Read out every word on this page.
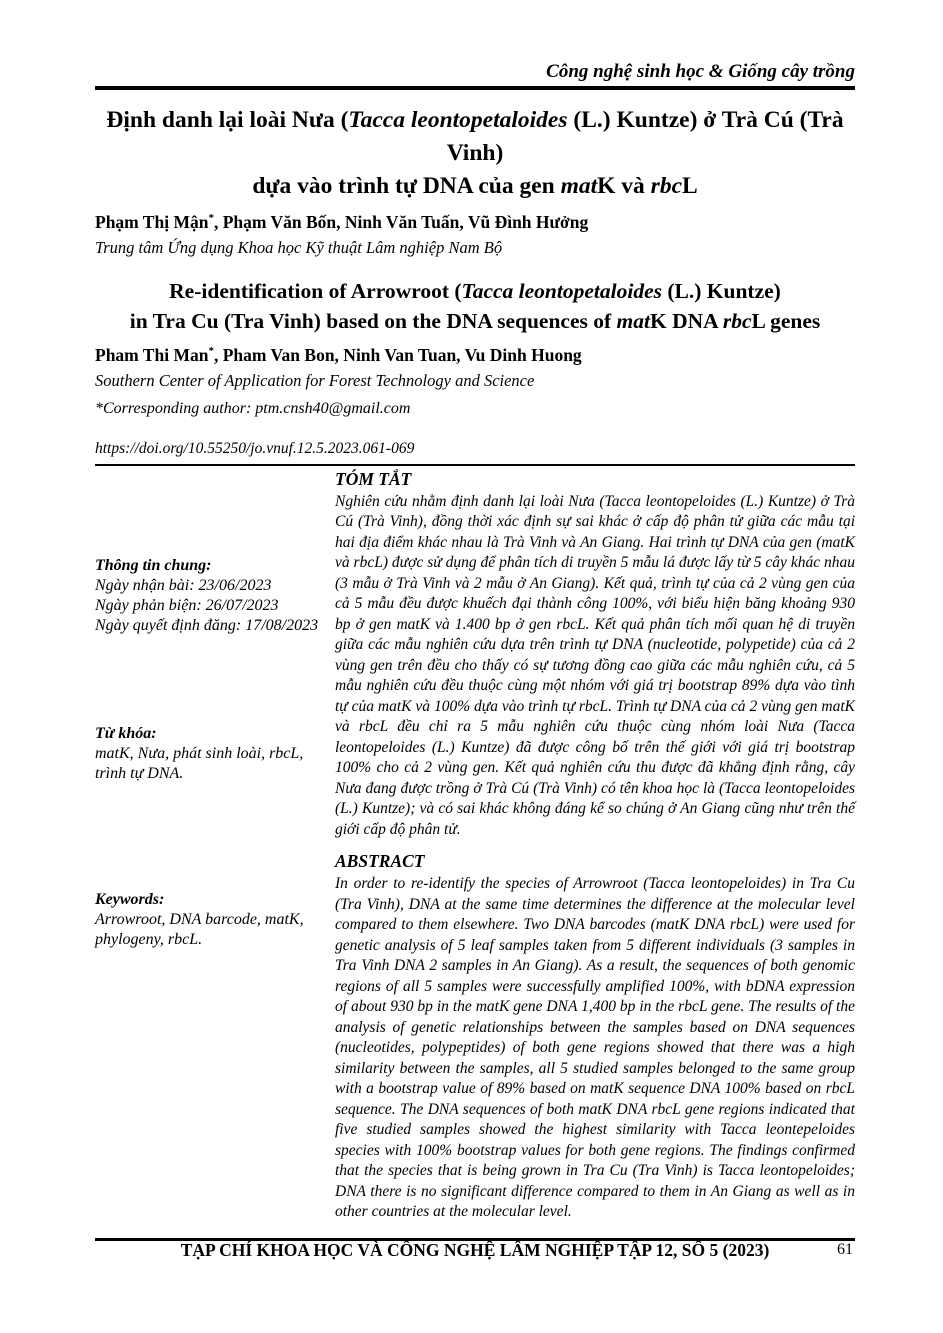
Công nghệ sinh học & Giống cây trồng
Định danh lại loài Nưa (Tacca leontopetaloides (L.) Kuntze) ở Trà Cú (Trà Vinh)
dựa vào trình tự DNA của gen matK và rbcL
Phạm Thị Mận*, Phạm Văn Bốn, Ninh Văn Tuấn, Vũ Đình Hưởng
Trung tâm Ứng dụng Khoa học Kỹ thuật Lâm nghiệp Nam Bộ
Re-identification of Arrowroot (Tacca leontopetaloides (L.) Kuntze)
in Tra Cu (Tra Vinh) based on the DNA sequences of matK DNA rbcL genes
Pham Thi Man*, Pham Van Bon, Ninh Van Tuan, Vu Dinh Huong
Southern Center of Application for Forest Technology and Science
*Corresponding author: ptm.cnsh40@gmail.com
https://doi.org/10.55250/jo.vnuf.12.5.2023.061-069
Thông tin chung:
Ngày nhận bài: 23/06/2023
Ngày phản biện: 26/07/2023
Ngày quyết định đăng: 17/08/2023
Từ khóa:
matK, Nưa, phát sinh loài, rbcL, trình tự DNA.
Keywords:
Arrowroot, DNA barcode, matK, phylogeny, rbcL.
TÓM TẮT

Nghiên cứu nhằm định danh lại loài Nưa (Tacca leontopeloides (L.) Kuntze) ở Trà Cú (Trà Vinh), đồng thời xác định sự sai khác ở cấp độ phân tử giữa các mẫu tại hai địa điểm khác nhau là Trà Vinh và An Giang. Hai trình tự DNA của gen (matK và rbcL) được sử dụng để phân tích di truyền 5 mẫu lá được lấy từ 5 cây khác nhau (3 mẫu ở Trà Vinh và 2 mẫu ở An Giang). Kết quả, trình tự của cả 2 vùng gen của cả 5 mẫu đều được khuếch đại thành công 100%, với biểu hiện băng khoảng 930 bp ở gen matK và 1.400 bp ở gen rbcL. Kết quả phân tích mối quan hệ di truyền giữa các mẫu nghiên cứu dựa trên trình tự DNA (nucleotide, polypetide) của cả 2 vùng gen trên đều cho thấy có sự tương đồng cao giữa các mẫu nghiên cứu, cả 5 mẫu nghiên cứu đều thuộc cùng một nhóm với giá trị bootstrap 89% dựa vào tình tự của matK và 100% dựa vào trình tự rbcL. Trình tự DNA của cả 2 vùng gen matK và rbcL đều chỉ ra 5 mẫu nghiên cứu thuộc cùng nhóm loài Nưa (Tacca leontopeloides (L.) Kuntze) đã được công bố trên thế giới với giá trị bootstrap 100% cho cả 2 vùng gen. Kết quả nghiên cứu thu được đã khẳng định rằng, cây Nưa đang được trồng ở Trà Cú (Trà Vinh) có tên khoa học là (Tacca leontopeloides (L.) Kuntze); và có sai khác không đáng kể so chúng ở An Giang cũng như trên thế giới cấp độ phân tử.

ABSTRACT

In order to re-identify the species of Arrowroot (Tacca leontopeloides) in Tra Cu (Tra Vinh), DNA at the same time determines the difference at the molecular level compared to them elsewhere. Two DNA barcodes (matK DNA rbcL) were used for genetic analysis of 5 leaf samples taken from 5 different individuals (3 samples in Tra Vinh DNA 2 samples in An Giang). As a result, the sequences of both genomic regions of all 5 samples were successfully amplified 100%, with bDNA expression of about 930 bp in the matK gene DNA 1,400 bp in the rbcL gene. The results of the analysis of genetic relationships between the samples based on DNA sequences (nucleotides, polypeptides) of both gene regions showed that there was a high similarity between the samples, all 5 studied samples belonged to the same group with a bootstrap value of 89% based on matK sequence DNA 100% based on rbcL sequence. The DNA sequences of both matK DNA rbcL gene regions indicated that five studied samples showed the highest similarity with Tacca leontepeloides species with 100% bootstrap values for both gene regions. The findings confirmed that the species that is being grown in Tra Cu (Tra Vinh) is Tacca leontopeloides; DNA there is no significant difference compared to them in An Giang as well as in other countries at the molecular level.

TẠP CHÍ KHOA HỌC VÀ CÔNG NGHỆ LÂM NGHIỆP TẬP 12, SỐ 5 (2023)	61
